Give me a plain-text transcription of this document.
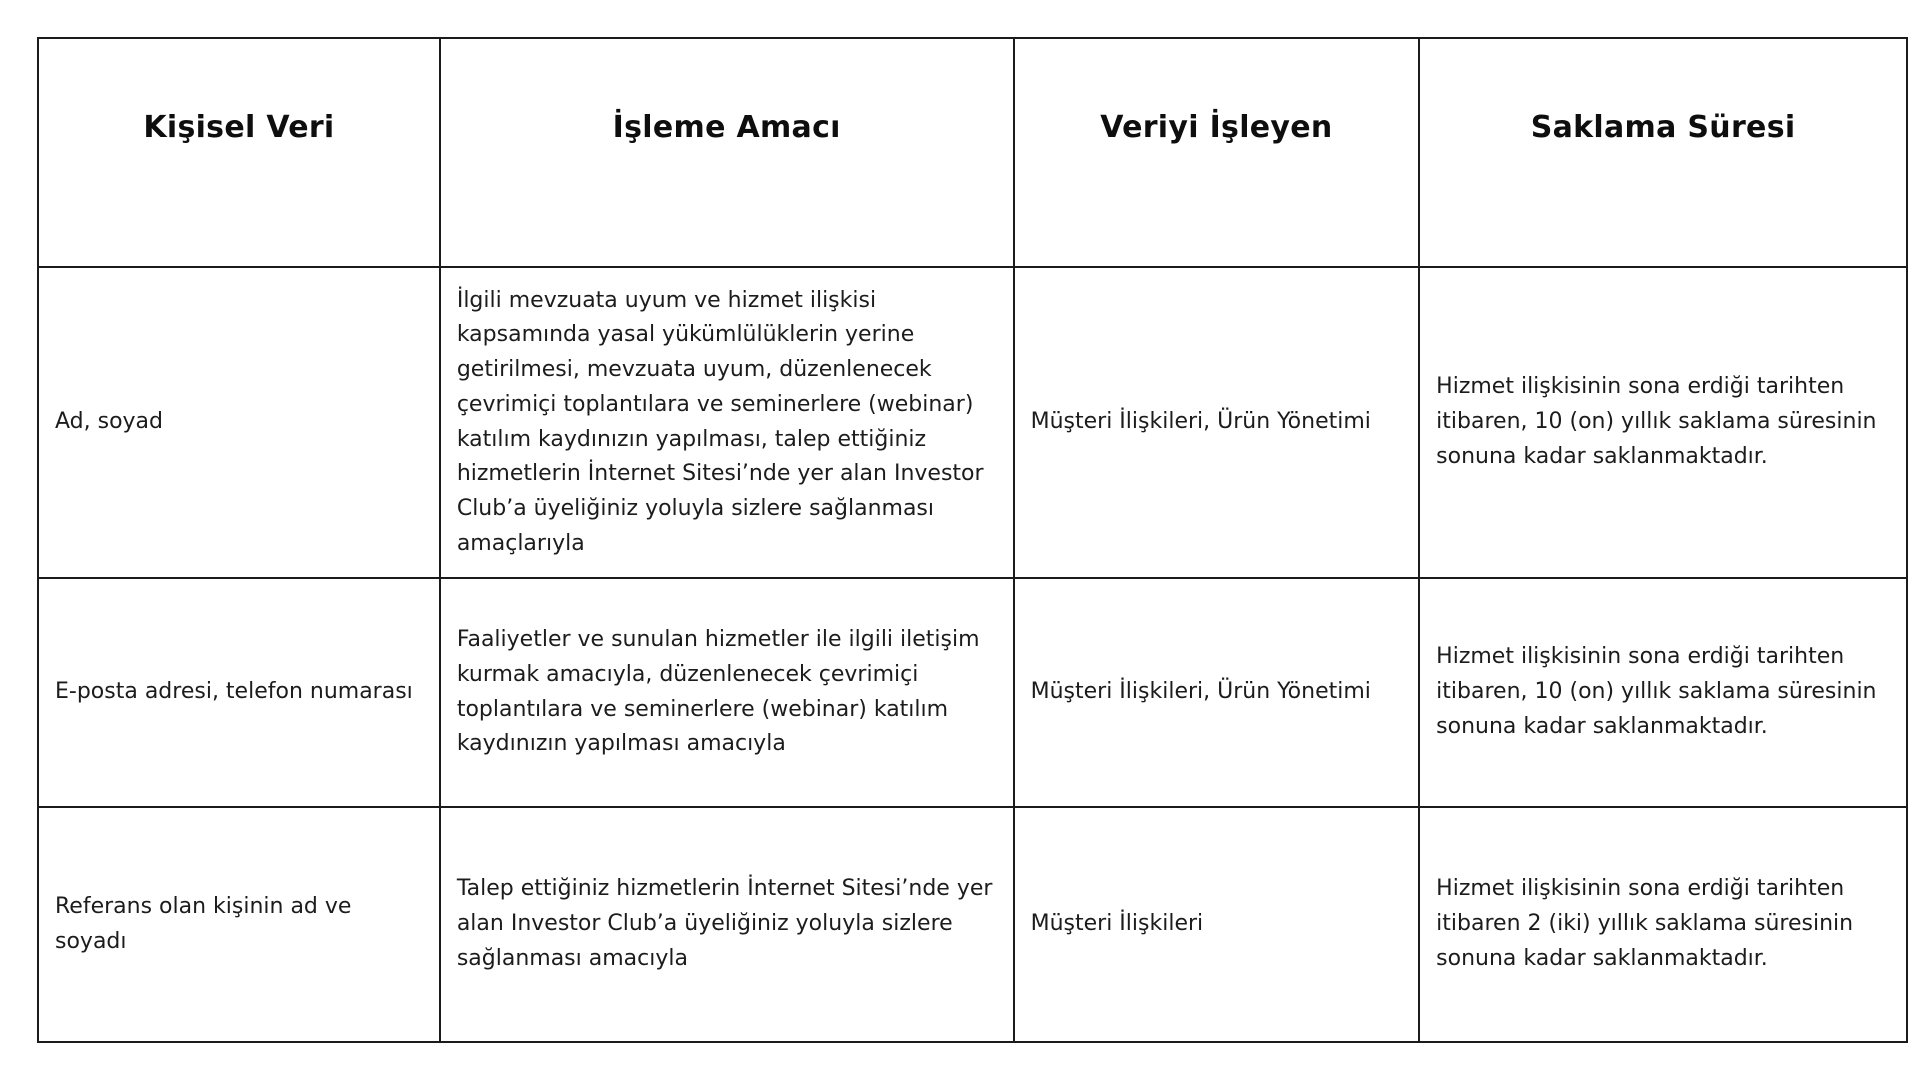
Kişisel Veri	İşleme Amacı	Veriyi İşleyen	Saklama Süresi
Ad, soyad	İlgili mevzuata uyum ve hizmet ilişkisi kapsamında yasal yükümlülüklerin yerine getirilmesi, mevzuata uyum, düzenlenecek çevrimiçi toplantılara ve seminerlere (webinar) katılım kaydınızın yapılması, talep ettiğiniz hizmetlerin İnternet Sitesi’nde yer alan Investor Club’a üyeliğiniz yoluyla sizlere sağlanması amaçlarıyla	Müşteri İlişkileri, Ürün Yönetimi	Hizmet ilişkisinin sona erdiği tarihten itibaren, 10 (on) yıllık saklama süresinin sonuna kadar saklanmaktadır.
E-posta adresi, telefon numarası	Faaliyetler ve sunulan hizmetler ile ilgili iletişim kurmak amacıyla, düzenlenecek çevrimiçi toplantılara ve seminerlere (webinar) katılım kaydınızın yapılması amacıyla	Müşteri İlişkileri, Ürün Yönetimi	Hizmet ilişkisinin sona erdiği tarihten itibaren, 10 (on) yıllık saklama süresinin sonuna kadar saklanmaktadır.
Referans olan kişinin ad ve soyadı	Talep ettiğiniz hizmetlerin İnternet Sitesi’nde yer alan Investor Club’a üyeliğiniz yoluyla sizlere sağlanması amacıyla	Müşteri İlişkileri	Hizmet ilişkisinin sona erdiği tarihten itibaren 2 (iki) yıllık saklama süresinin sonuna kadar saklanmaktadır.
